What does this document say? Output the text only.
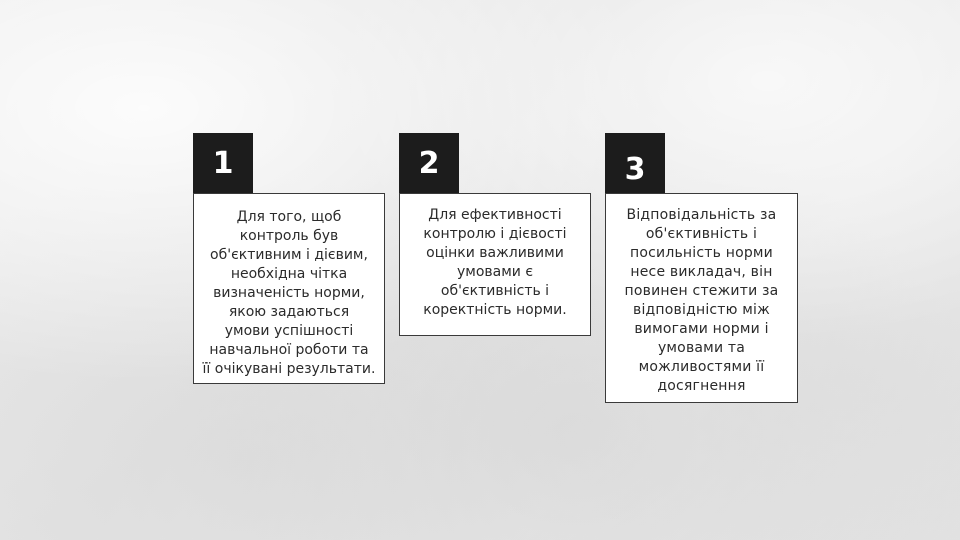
1
Для того, щоб
контроль був
об'єктивним і дієвим,
необхідна чітка
визначеність норми,
якою задаються
умови успішності
навчальної роботи та
її очікувані результати.
2
Для ефективності
контролю і дієвості
оцінки важливими
умовами є
об'єктивність і
коректність норми.
3
Відповідальність за
об'єктивність і
посильність норми
несе викладач, він
повинен стежити за
відповідністю між
вимогами норми і
умовами та
можливостями її
досягнення
